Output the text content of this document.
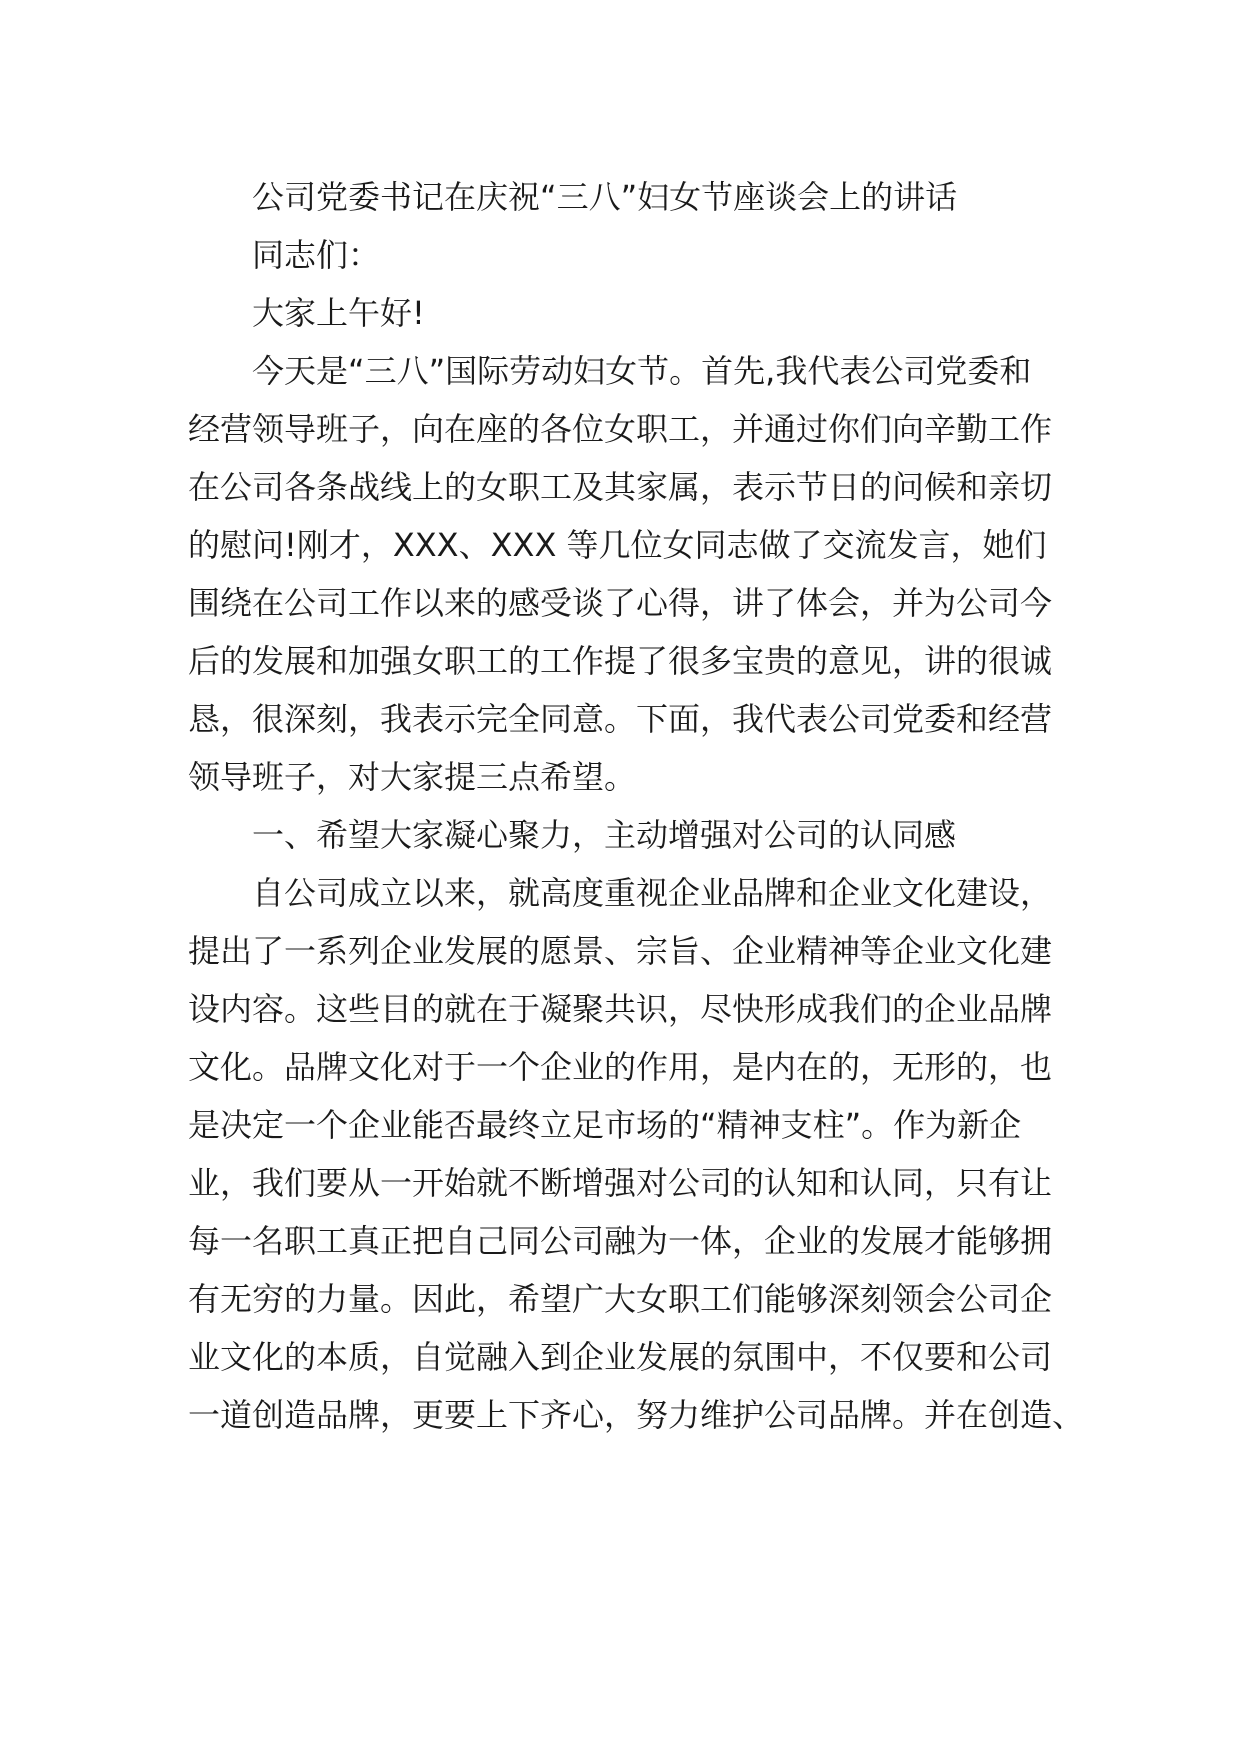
公司党委书记在庆祝“三八”妇女节座谈会上的讲话
同志们：
大家上午好!
今天是“三八”国际劳动妇女节。首先,我代表公司党委和
经营领导班子，向在座的各位女职工，并通过你们向辛勤工作
在公司各条战线上的女职工及其家属，表示节日的问候和亲切
的慰问!刚才，XXX、XXX 等几位女同志做了交流发言，她们
围绕在公司工作以来的感受谈了心得，讲了体会，并为公司今
后的发展和加强女职工的工作提了很多宝贵的意见，讲的很诚
恳，很深刻，我表示完全同意。下面，我代表公司党委和经营
领导班子，对大家提三点希望。
一、希望大家凝心聚力，主动增强对公司的认同感
自公司成立以来，就高度重视企业品牌和企业文化建设，
提出了一系列企业发展的愿景、宗旨、企业精神等企业文化建
设内容。这些目的就在于凝聚共识，尽快形成我们的企业品牌
文化。品牌文化对于一个企业的作用，是内在的，无形的，也
是决定一个企业能否最终立足市场的“精神支柱”。作为新企
业，我们要从一开始就不断增强对公司的认知和认同，只有让
每一名职工真正把自己同公司融为一体，企业的发展才能够拥
有无穷的力量。因此，希望广大女职工们能够深刻领会公司企
业文化的本质，自觉融入到企业发展的氛围中，不仅要和公司
一道创造品牌，更要上下齐心，努力维护公司品牌。并在创造、
